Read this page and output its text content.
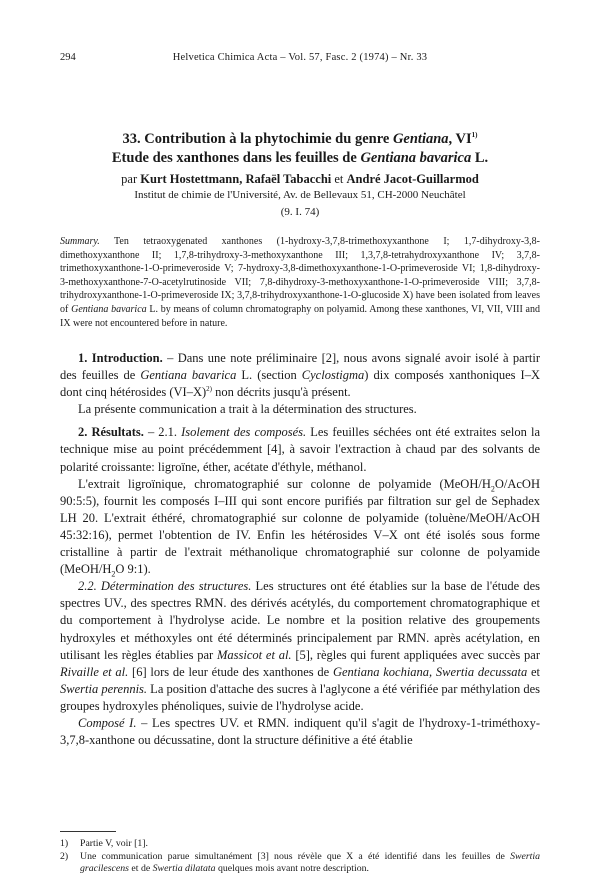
294	Helvetica Chimica Acta – Vol. 57, Fasc. 2 (1974) – Nr. 33

33. Contribution à la phytochimie du genre Gentiana, VI$^{1)}$
Etude des xanthones dans les feuilles de Gentiana bavarica L.

par Kurt Hostettmann, Rafaël Tabacchi et André Jacot-Guillarmod
Institut de chimie de l'Université, Av. de Bellevaux 51, CH-2000 Neuchâtel
(9. I. 74)
Summary. Ten tetraoxygenated xanthones (1-hydroxy-3,7,8-trimethoxyxanthone I; 1,7-dihydroxy-3,8-dimethoxyxanthone II; 1,7,8-trihydroxy-3-methoxyxanthone III; 1,3,7,8-tetrahydroxyxanthone IV; 3,7,8-trimethoxyxanthone-1-O-primeveroside V; 7-hydroxy-3,8-dimethoxyxanthone-1-O-primeveroside VI; 1,8-dihydroxy-3-methoxyxanthone-7-O-acetylrutinoside VII; 7,8-dihydroxy-3-methoxyxanthone-1-O-primeveroside VIII; 3,7,8-trihydroxyxanthone-1-O-primeveroside IX; 3,7,8-trihydroxyxanthone-1-O-glucoside X) have been isolated from leaves of Gentiana bavarica L. by means of column chromatography on polyamid. Among these xanthones, VI, VII, VIII and IX were not encountered before in nature.

1. Introduction. – Dans une note préliminaire [2], nous avons signalé avoir isolé à partir des feuilles de Gentiana bavarica L. (section Cyclostigma) dix composés xanthoniques I–X dont cinq hétérosides $(VI-X)^{2)}$ non décrits jusqu'à présent.

La présente communication a trait à la détermination des structures.

2. Résultats. – 2.1. Isolement des composés. Les feuilles séchées ont été extraites selon la technique mise au point précédemment [4], à savoir l'extraction à chaud par des solvants de polarité croissante: ligroïne, éther, acétate d'éthyle, méthanol.

L'extrait ligroïnique, chromatographié sur colonne de polyamide ($MeOH/H_2O$/AcOH 90:5:5), fournit les composés I–III qui sont encore purifiés par filtration sur gel de Sephadex LH 20. L'extrait éthéré, chromatographié sur colonne de polyamide (toluène/MeOH/AcOH 45:32:16), permet l'obtention de IV. Enfin les hétérosides V–X ont été isolés sous forme cristalline à partir de l'extrait méthanolique chromatographié sur colonne de polyamide ($MeOH/H_2O$ 9:1).

2.2. Détermination des structures. Les structures ont été établies sur la base de l'étude des spectres UV., des spectres RMN. des dérivés acétylés, du comportement chromatographique et du comportement à l'hydrolyse acide. Le nombre et la position relative des groupements hydroxyles et méthoxyles ont été déterminés principalement par RMN. après acétylation, en utilisant les règles établies par Massicot et al. [5], règles qui furent appliquées avec succès par Rivaille et al. [6] lors de leur étude des xanthones de Gentiana kochiana, Swertia decussata et Swertia perennis. La position d'attache des sucres à l'aglycone a été vérifiée par méthylation des groupes hydroxyles phénoliques, suivie de l'hydrolyse acide.

Composé I. – Les spectres UV. et RMN. indiquent qu'il s'agit de l'hydroxy-1-triméthoxy-3,7,8-xanthone ou décussatine, dont la structure définitive a été établie

1)	Partie V, voir [1].
2)	Une communication parue simultanément [3] nous révèle que X a été identifié dans les feuilles de Swertia gracilescens et de Swertia dilatata quelques mois avant notre description.
